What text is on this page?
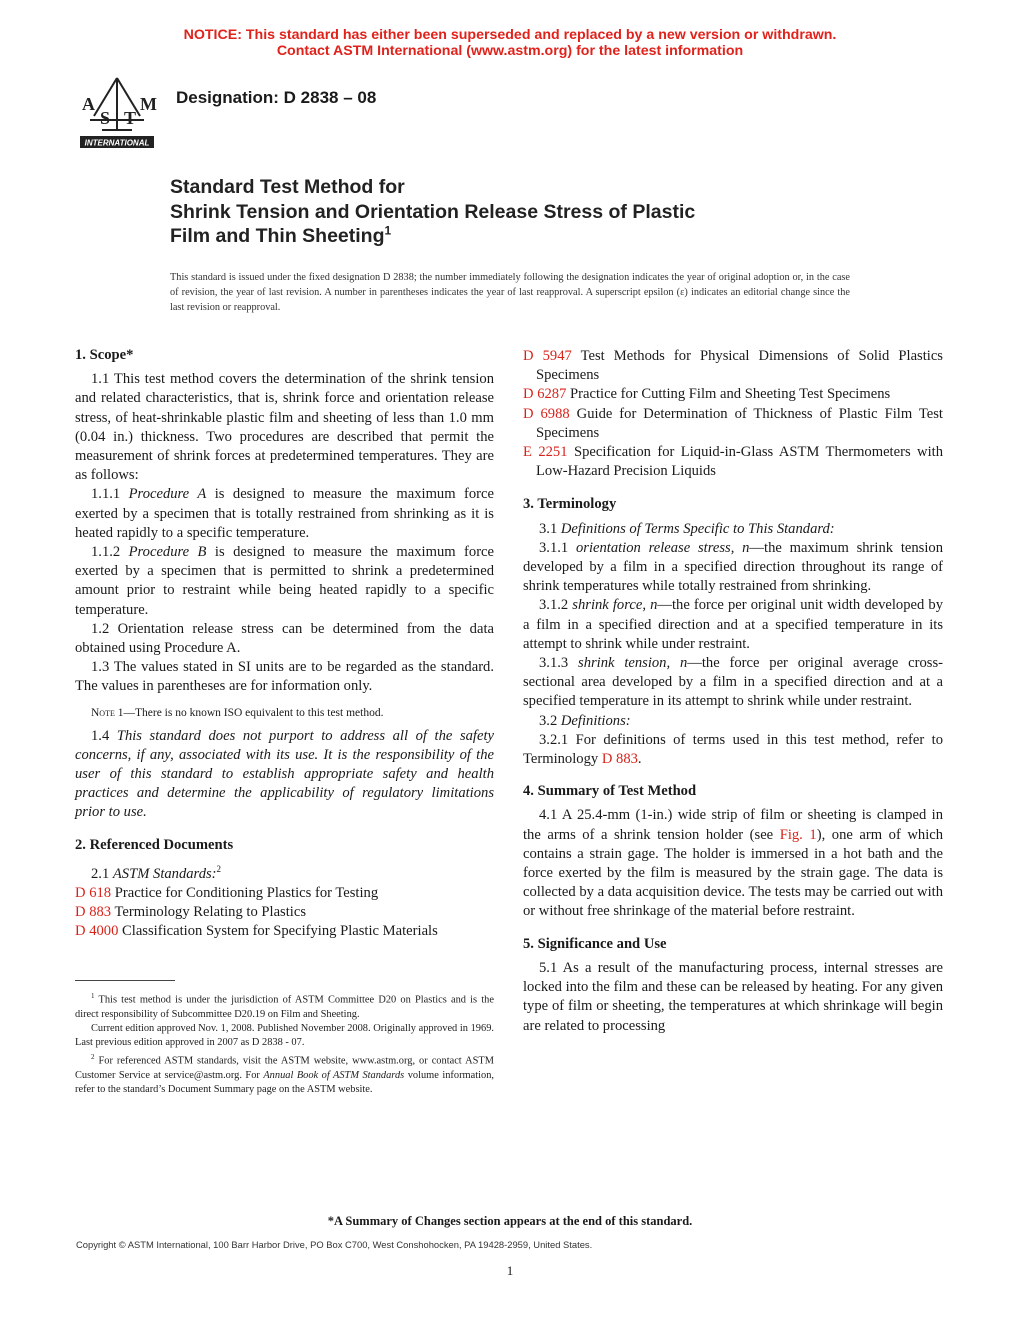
NOTICE: This standard has either been superseded and replaced by a new version or withdrawn.
Contact ASTM International (www.astm.org) for the latest information
A
S T
M
INTERNATIONAL
Designation: D 2838 – 08
Standard Test Method for
Shrink Tension and Orientation Release Stress of Plastic
Film and Thin Sheeting$^1$
This standard is issued under the fixed designation D 2838; the number immediately following the designation indicates the year of original adoption or, in the case of revision, the year of last revision. A number in parentheses indicates the year of last reapproval. A superscript epsilon (ε) indicates an editorial change since the last revision or reapproval.

1. Scope*

1.1 This test method covers the determination of the shrink tension and related characteristics, that is, shrink force and orientation release stress, of heat-shrinkable plastic film and sheeting of less than 1.0 mm (0.04 in.) thickness. Two procedures are described that permit the measurement of shrink forces at predetermined temperatures. They are as follows:

1.1.1 Procedure A is designed to measure the maximum force exerted by a specimen that is totally restrained from shrinking as it is heated rapidly to a specific temperature.

1.1.2 Procedure B is designed to measure the maximum force exerted by a specimen that is permitted to shrink a predetermined amount prior to restraint while being heated rapidly to a specific temperature.

1.2 Orientation release stress can be determined from the data obtained using Procedure A.

1.3 The values stated in SI units are to be regarded as the standard. The values in parentheses are for information only.

Note 1—There is no known ISO equivalent to this test method.

1.4 This standard does not purport to address all of the safety concerns, if any, associated with its use. It is the responsibility of the user of this standard to establish appropriate safety and health practices and determine the applicability of regulatory limitations prior to use.

2. Referenced Documents

2.1 ASTM Standards:$^2$

D 618 Practice for Conditioning Plastics for Testing

D 883 Terminology Relating to Plastics

D 4000 Classification System for Specifying Plastic Materials

$^1$ This test method is under the jurisdiction of ASTM Committee D20 on Plastics and is the direct responsibility of Subcommittee D20.19 on Film and Sheeting.

Current edition approved Nov. 1, 2008. Published November 2008. Originally approved in 1969. Last previous edition approved in 2007 as D 2838 - 07.

$^2$ For referenced ASTM standards, visit the ASTM website, www.astm.org, or contact ASTM Customer Service at service@astm.org. For Annual Book of ASTM Standards volume information, refer to the standard’s Document Summary page on the ASTM website.

D 5947 Test Methods for Physical Dimensions of Solid Plastics Specimens

D 6287 Practice for Cutting Film and Sheeting Test Specimens

D 6988 Guide for Determination of Thickness of Plastic Film Test Specimens

E 2251 Specification for Liquid-in-Glass ASTM Thermometers with Low-Hazard Precision Liquids

3. Terminology

3.1 Definitions of Terms Specific to This Standard:

3.1.1 orientation release stress, n—the maximum shrink tension developed by a film in a specified direction throughout its range of shrink temperatures while totally restrained from shrinking.

3.1.2 shrink force, n—the force per original unit width developed by a film in a specified direction and at a specified temperature in its attempt to shrink while under restraint.

3.1.3 shrink tension, n—the force per original average cross-sectional area developed by a film in a specified direction and at a specified temperature in its attempt to shrink while under restraint.

3.2 Definitions:

3.2.1 For definitions of terms used in this test method, refer to Terminology D 883.

4. Summary of Test Method

4.1 A 25.4-mm (1-in.) wide strip of film or sheeting is clamped in the arms of a shrink tension holder (see Fig. 1), one arm of which contains a strain gage. The holder is immersed in a hot bath and the force exerted by the film is measured by the strain gage. The data is collected by a data acquisition device. The tests may be carried out with or without free shrinkage of the material before restraint.

5. Significance and Use

5.1 As a result of the manufacturing process, internal stresses are locked into the film and these can be released by heating. For any given type of film or sheeting, the temperatures at which shrinkage will begin are related to processing

*A Summary of Changes section appears at the end of this standard.
Copyright © ASTM International, 100 Barr Harbor Drive, PO Box C700, West Conshohocken, PA 19428-2959, United States.
1
